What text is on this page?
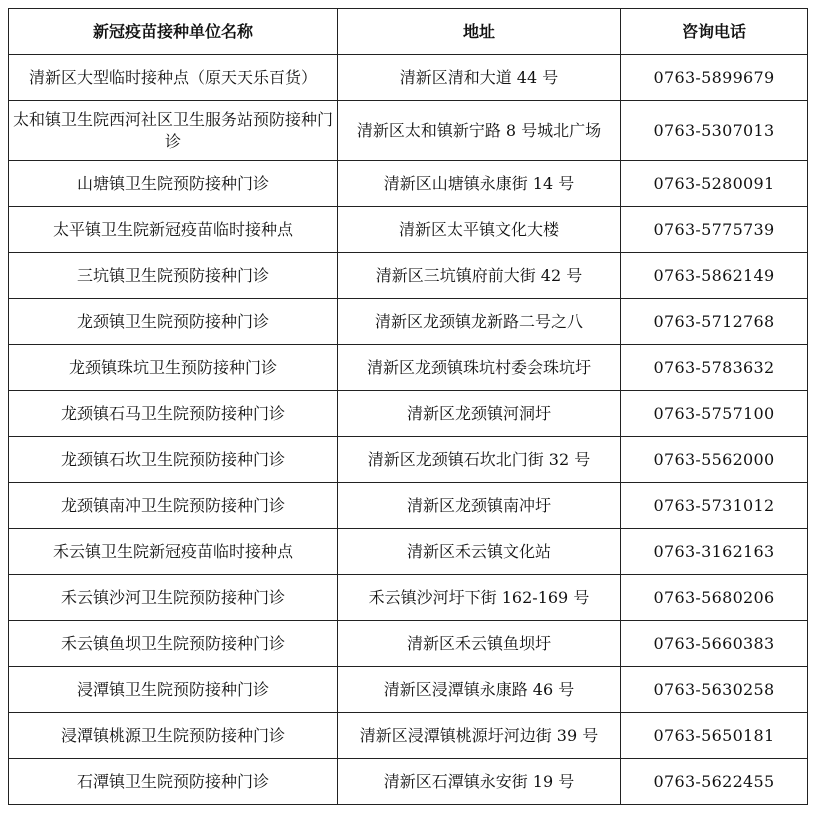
新冠疫苗接种单位名称	地址	咨询电话
清新区大型临时接种点（原天天乐百货）	清新区清和大道 44 号	0763-5899679
太和镇卫生院西河社区卫生服务站预防接种门诊	清新区太和镇新宁路 8 号城北广场	0763-5307013
山塘镇卫生院预防接种门诊	清新区山塘镇永康街 14 号	0763-5280091
太平镇卫生院新冠疫苗临时接种点	清新区太平镇文化大楼	0763-5775739
三坑镇卫生院预防接种门诊	清新区三坑镇府前大街 42 号	0763-5862149
龙颈镇卫生院预防接种门诊	清新区龙颈镇龙新路二号之八	0763-5712768
龙颈镇珠坑卫生预防接种门诊	清新区龙颈镇珠坑村委会珠坑圩	0763-5783632
龙颈镇石马卫生院预防接种门诊	清新区龙颈镇河洞圩	0763-5757100
龙颈镇石坎卫生院预防接种门诊	清新区龙颈镇石坎北门街 32 号	0763-5562000
龙颈镇南冲卫生院预防接种门诊	清新区龙颈镇南冲圩	0763-5731012
禾云镇卫生院新冠疫苗临时接种点	清新区禾云镇文化站	0763-3162163
禾云镇沙河卫生院预防接种门诊	禾云镇沙河圩下街 162-169 号	0763-5680206
禾云镇鱼坝卫生院预防接种门诊	清新区禾云镇鱼坝圩	0763-5660383
浸潭镇卫生院预防接种门诊	清新区浸潭镇永康路 46 号	0763-5630258
浸潭镇桃源卫生院预防接种门诊	清新区浸潭镇桃源圩河边街 39 号	0763-5650181
石潭镇卫生院预防接种门诊	清新区石潭镇永安街 19 号	0763-5622455
